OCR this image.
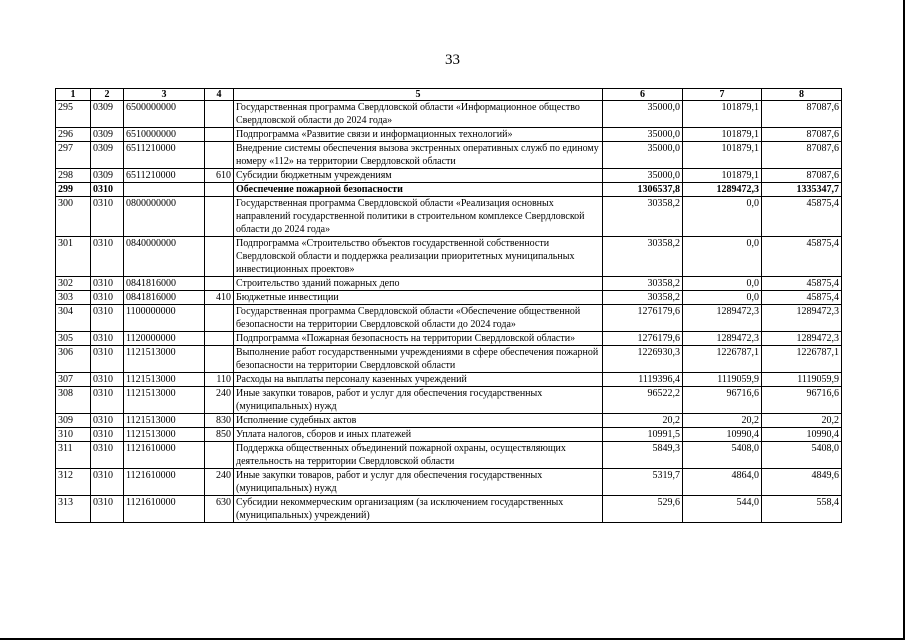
33
1	2	3	4	5	6	7	8
295	0309	6500000000		Государственная программа Свердловской области «Информационное общество Свердловской области до 2024 года»	35000,0	101879,1	87087,6
296	0309	6510000000		Подпрограмма «Развитие связи и информационных технологий»	35000,0	101879,1	87087,6
297	0309	6511210000		Внедрение системы обеспечения вызова экстренных оперативных служб по единому номеру «112» на территории Свердловской области	35000,0	101879,1	87087,6
298	0309	6511210000	610	Субсидии бюджетным учреждениям	35000,0	101879,1	87087,6
299	0310			Обеспечение пожарной безопасности	1306537,8	1289472,3	1335347,7
300	0310	0800000000		Государственная программа Свердловской области «Реализация основных направлений государственной политики в строительном комплексе Свердловской области до 2024 года»	30358,2	0,0	45875,4
301	0310	0840000000		Подпрограмма «Строительство объектов государственной собственности Свердловской области и поддержка реализации приоритетных муниципальных инвестиционных проектов»	30358,2	0,0	45875,4
302	0310	0841816000		Строительство зданий пожарных депо	30358,2	0,0	45875,4
303	0310	0841816000	410	Бюджетные инвестиции	30358,2	0,0	45875,4
304	0310	1100000000		Государственная программа Свердловской области «Обеспечение общественной безопасности на территории Свердловской области до 2024 года»	1276179,6	1289472,3	1289472,3
305	0310	1120000000		Подпрограмма «Пожарная безопасность на территории Свердловской области»	1276179,6	1289472,3	1289472,3
306	0310	1121513000		Выполнение работ государственными учреждениями в сфере обеспечения пожарной безопасности на территории Свердловской области	1226930,3	1226787,1	1226787,1
307	0310	1121513000	110	Расходы на выплаты персоналу казенных учреждений	1119396,4	1119059,9	1119059,9
308	0310	1121513000	240	Иные закупки товаров, работ и услуг для обеспечения государственных (муниципальных) нужд	96522,2	96716,6	96716,6
309	0310	1121513000	830	Исполнение судебных актов	20,2	20,2	20,2
310	0310	1121513000	850	Уплата налогов, сборов и иных платежей	10991,5	10990,4	10990,4
311	0310	1121610000		Поддержка общественных объединений пожарной охраны, осуществляющих деятельность на территории Свердловской области	5849,3	5408,0	5408,0
312	0310	1121610000	240	Иные закупки товаров, работ и услуг для обеспечения государственных (муниципальных) нужд	5319,7	4864,0	4849,6
313	0310	1121610000	630	Субсидии некоммерческим организациям (за исключением государственных (муниципальных) учреждений)	529,6	544,0	558,4
